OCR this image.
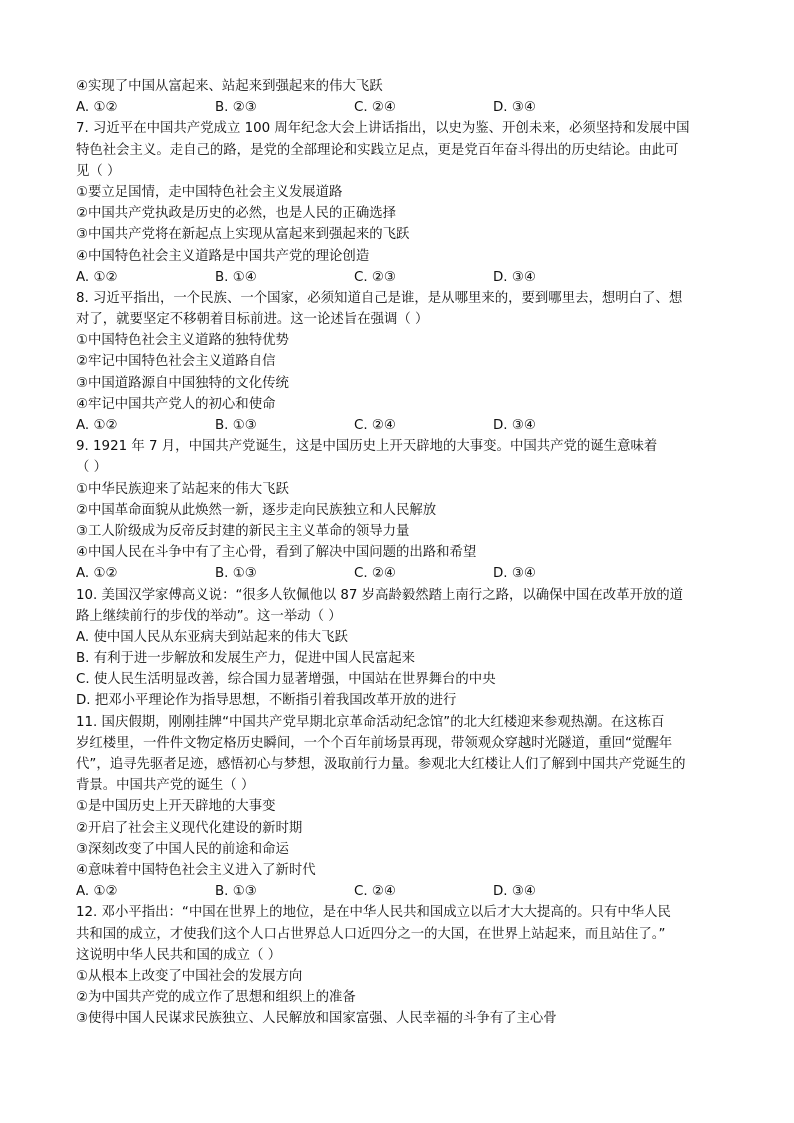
④实现了中国从富起来、站起来到强起来的伟大飞跃
A. ①②	B. ②③	C. ②④	D. ③④
7. 习近平在中国共产党成立 100 周年纪念大会上讲话指出，以史为鉴、开创未来，必须坚持和发展中国
特色社会主义。走自己的路，是党的全部理论和实践立足点，更是党百年奋斗得出的历史结论。由此可
见（ ）
①要立足国情，走中国特色社会主义发展道路
②中国共产党执政是历史的必然，也是人民的正确选择
③中国共产党将在新起点上实现从富起来到强起来的飞跃
④中国特色社会主义道路是中国共产党的理论创造
A. ①②	B. ①④	C. ②③	D. ③④
8. 习近平指出，一个民族、一个国家，必须知道自己是谁，是从哪里来的，要到哪里去，想明白了、想
对了，就要坚定不移朝着目标前进。这一论述旨在强调（ ）
①中国特色社会主义道路的独特优势
②牢记中国特色社会主义道路自信
③中国道路源自中国独特的文化传统
④牢记中国共产党人的初心和使命
A. ①②	B. ①③	C. ②④	D. ③④
9. 1921 年 7 月，中国共产党诞生，这是中国历史上开天辟地的大事变。中国共产党的诞生意味着
（ ）
①中华民族迎来了站起来的伟大飞跃
②中国革命面貌从此焕然一新，逐步走向民族独立和人民解放
③工人阶级成为反帝反封建的新民主主义革命的领导力量
④中国人民在斗争中有了主心骨，看到了解决中国问题的出路和希望
A. ①②	B. ①③	C. ②④	D. ③④
10. 美国汉学家傅高义说：“很多人钦佩他以 87 岁高龄毅然踏上南行之路，以确保中国在改革开放的道
路上继续前行的步伐的举动”。这一举动（ ）
A. 使中国人民从东亚病夫到站起来的伟大飞跃
B. 有利于进一步解放和发展生产力，促进中国人民富起来
C. 使人民生活明显改善，综合国力显著增强，中国站在世界舞台的中央
D. 把邓小平理论作为指导思想，不断指引着我国改革开放的进行
11. 国庆假期，刚刚挂牌“中国共产党早期北京革命活动纪念馆”的北大红楼迎来参观热潮。在这栋百
岁红楼里，一件件文物定格历史瞬间，一个个百年前场景再现，带领观众穿越时光隧道，重回“觉醒年
代”，追寻先驱者足迹，感悟初心与梦想，汲取前行力量。参观北大红楼让人们了解到中国共产党诞生的
背景。中国共产党的诞生（ ）
①是中国历史上开天辟地的大事变
②开启了社会主义现代化建设的新时期
③深刻改变了中国人民的前途和命运
④意味着中国特色社会主义进入了新时代
A. ①②	B. ①③	C. ②④	D. ③④
12. 邓小平指出：“中国在世界上的地位，是在中华人民共和国成立以后才大大提高的。只有中华人民
共和国的成立，才使我们这个人口占世界总人口近四分之一的大国，在世界上站起来，而且站住了。”
这说明中华人民共和国的成立（ ）
①从根本上改变了中国社会的发展方向
②为中国共产党的成立作了思想和组织上的准备
③使得中国人民谋求民族独立、人民解放和国家富强、人民幸福的斗争有了主心骨
